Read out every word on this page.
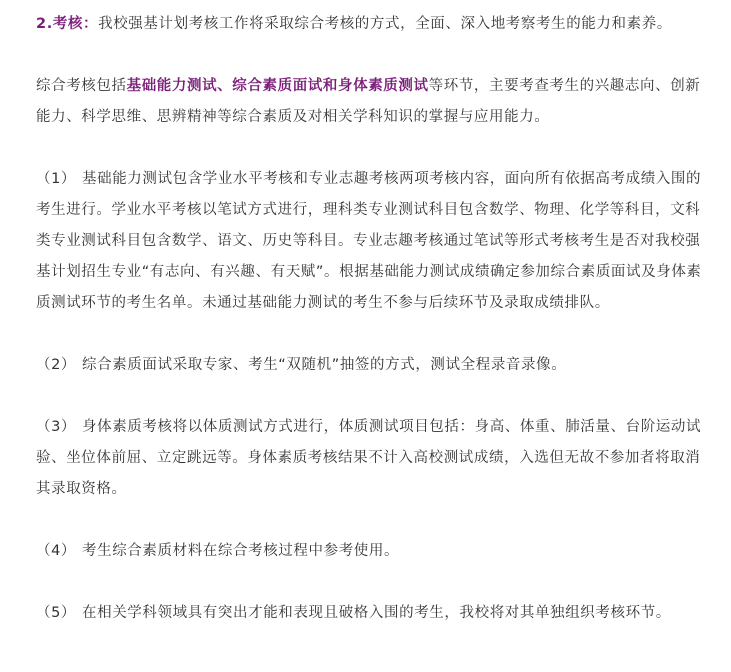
2.考核：我校强基计划考核工作将采取综合考核的方式，全面、深入地考察考生的能力和素养。

综合考核包括基础能力测试、综合素质面试和身体素质测试等环节，主要考查考生的兴趣志向、创新能力、科学思维、思辨精神等综合素质及对相关学科知识的掌握与应用能力。

（1） 基础能力测试包含学业水平考核和专业志趣考核两项考核内容，面向所有依据高考成绩入围的考生进行。学业水平考核以笔试方式进行，理科类专业测试科目包含数学、物理、化学等科目，文科类专业测试科目包含数学、语文、历史等科目。专业志趣考核通过笔试等形式考核考生是否对我校强基计划招生专业“有志向、有兴趣、有天赋”。根据基础能力测试成绩确定参加综合素质面试及身体素质测试环节的考生名单。未通过基础能力测试的考生不参与后续环节及录取成绩排队。

（2） 综合素质面试采取专家、考生“双随机”抽签的方式，测试全程录音录像。

（3） 身体素质考核将以体质测试方式进行，体质测试项目包括：身高、体重、肺活量、台阶运动试验、坐位体前屈、立定跳远等。身体素质考核结果不计入高校测试成绩，入选但无故不参加者将取消其录取资格。

（4） 考生综合素质材料在综合考核过程中参考使用。

（5） 在相关学科领域具有突出才能和表现且破格入围的考生，我校将对其单独组织考核环节。
